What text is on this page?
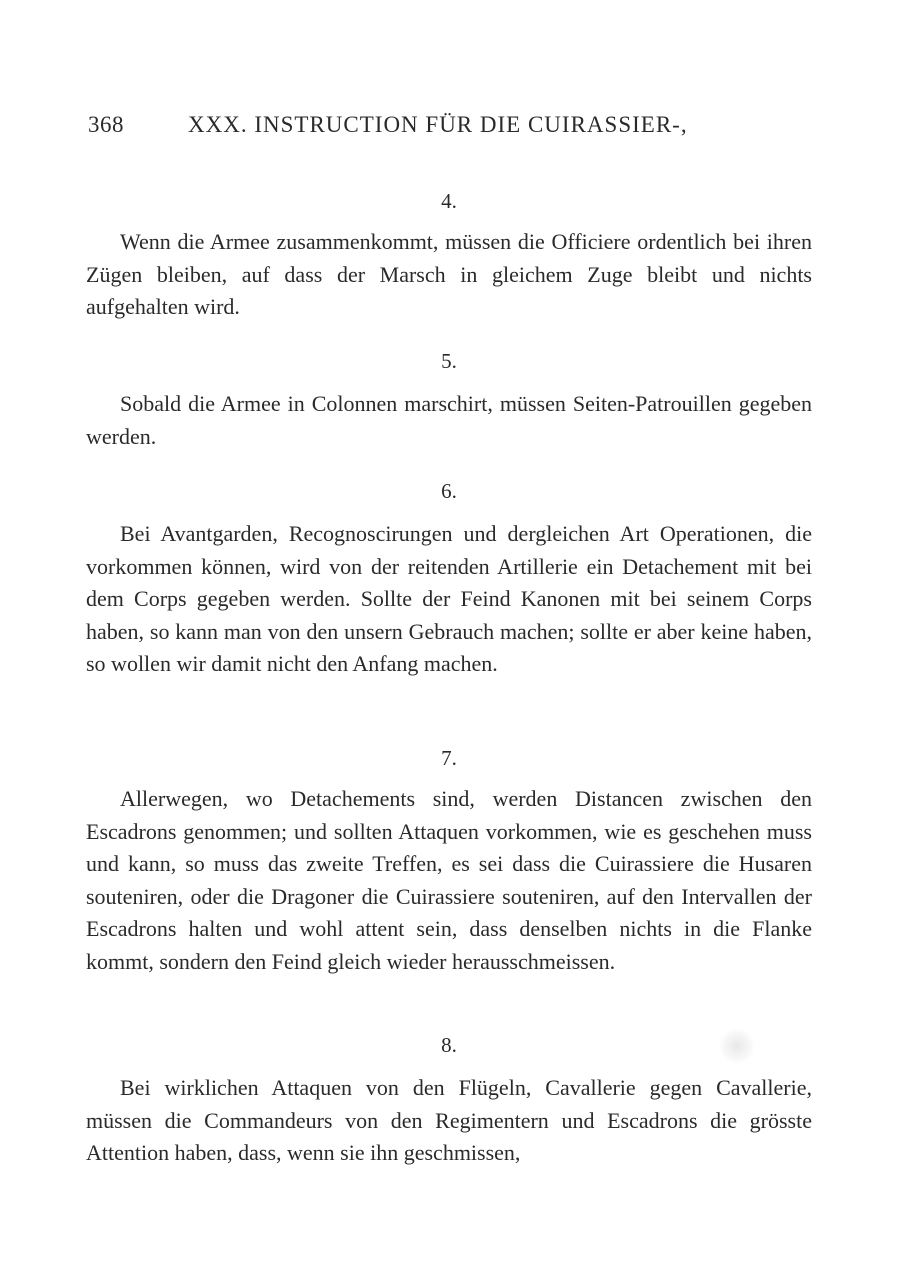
368	XXX. INSTRUCTION FÜR DIE CUIRASSIER-,
4.

Wenn die Armee zusammenkommt, müssen die Officiere ordentlich bei ihren Zügen bleiben, auf dass der Marsch in gleichem Zuge bleibt und nichts aufgehalten wird.

5.

Sobald die Armee in Colonnen marschirt, müssen Seiten-Patrouillen gegeben werden.

6.

Bei Avantgarden, Recognoscirungen und dergleichen Art Operationen, die vorkommen können, wird von der reitenden Artillerie ein Detachement mit bei dem Corps gegeben werden. Sollte der Feind Kanonen mit bei seinem Corps haben, so kann man von den unsern Gebrauch machen; sollte er aber keine haben, so wollen wir damit nicht den Anfang machen.

7.

Allerwegen, wo Detachements sind, werden Distancen zwischen den Escadrons genommen; und sollten Attaquen vorkommen, wie es geschehen muss und kann, so muss das zweite Treffen, es sei dass die Cuirassiere die Husaren souteniren, oder die Dragoner die Cuirassiere souteniren, auf den Intervallen der Escadrons halten und wohl attent sein, dass denselben nichts in die Flanke kommt, sondern den Feind gleich wieder herausschmeissen.

8.

Bei wirklichen Attaquen von den Flügeln, Cavallerie gegen Cavallerie, müssen die Commandeurs von den Regimentern und Escadrons die grösste Attention haben, dass, wenn sie ihn geschmissen,
